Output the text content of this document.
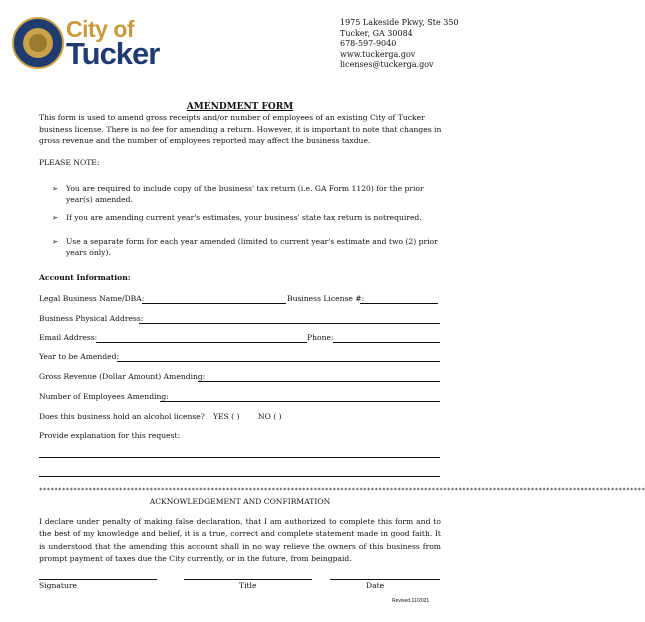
City of
Tucker
1975 Lakeside Pkwy, Ste 350
Tucker, GA 30084
678-597-9040
www.tuckerga.gov
licenses@tuckerga.gov
AMENDMENT FORM
This form is used to amend gross receipts and/or number of employees of an existing City of Tucker business license. There is no fee for amending a return. However, it is important to note that changes in gross revenue and the number of employees reported may affect the business taxdue.
PLEASE NOTE:
➢	You are required to include copy of the business' tax return (i.e. GA Form 1120) for the prior year(s) amended.
➢	If you are amending current year's estimates, your business' state tax return is notrequired.
➢	Use a separate form for each year amended (limited to current year's estimate and two (2) prior years only).
Account Information:
Legal Business Name/DBA:	Business License #:
Business Physical Address:
Email Address:	Phone:
Year to be Amended:
Gross Revenue (Dollar Amount) Amending:
Number of Employees Amending:
Does this business hold an alcohol license? YES ( ) NO ( )
Provide explanation for this request:
***************************************************************************************************************************************************************
ACKNOWLEDGEMENT AND CONFIRMATION
I declare under penalty of making false declaration, that I am authorized to complete this form and to the best of my knowledge and belief, it is a true, correct and complete statement made in good faith. It is understood that the amending this account shall in no way relieve the owners of this business from prompt payment of taxes due the City currently, or in the future, from beingpaid.
Signature	Title	Date
Revised 11/2021
